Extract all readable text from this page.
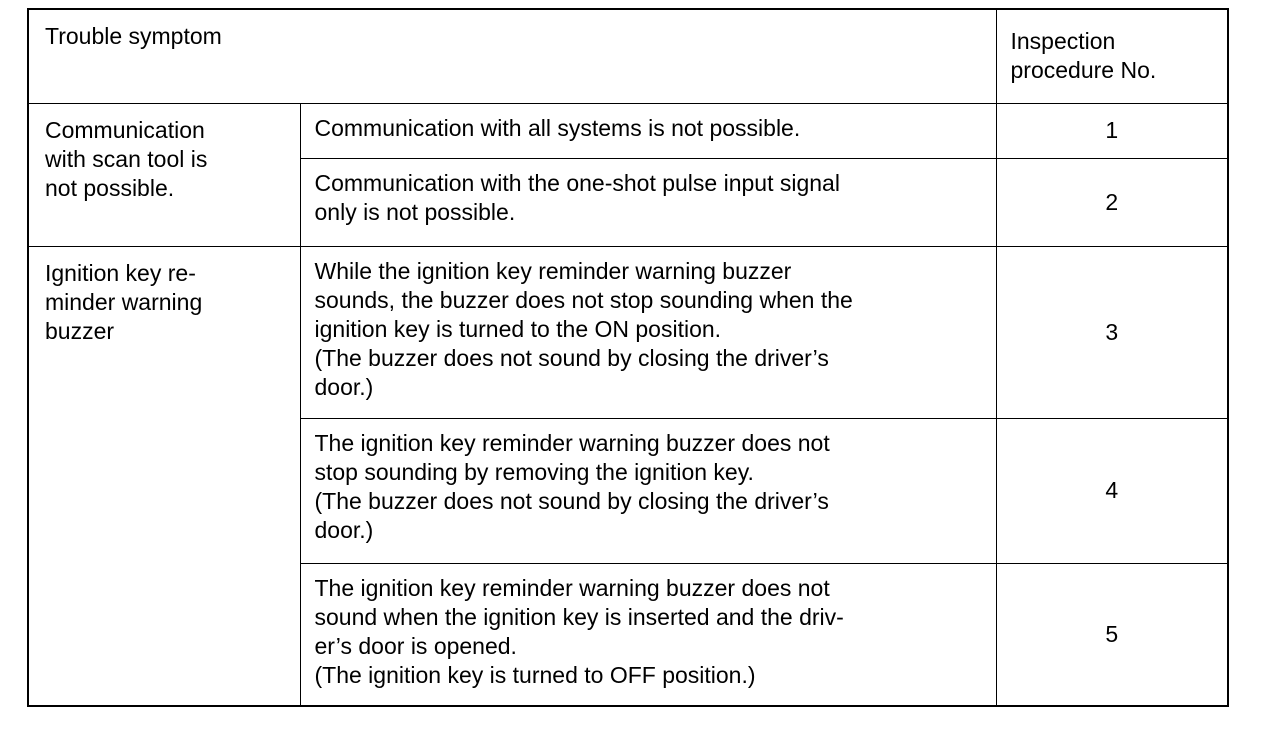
Trouble symptom		Inspection
procedure No.

Communication
with scan tool is
not possible.	Communication with all systems is not possible.	1

	Communication with the one-shot pulse input signal
only is not possible.	2

Ignition key re-
minder warning
buzzer	While the ignition key reminder warning buzzer
sounds, the buzzer does not stop sounding when the
ignition key is turned to the ON position.
(The buzzer does not sound by closing the driver’s
door.)	3

	The ignition key reminder warning buzzer does not
stop sounding by removing the ignition key.
(The buzzer does not sound by closing the driver’s
door.)	4

	The ignition key reminder warning buzzer does not
sound when the ignition key is inserted and the driv-
er’s door is opened.
(The ignition key is turned to OFF position.)	5
